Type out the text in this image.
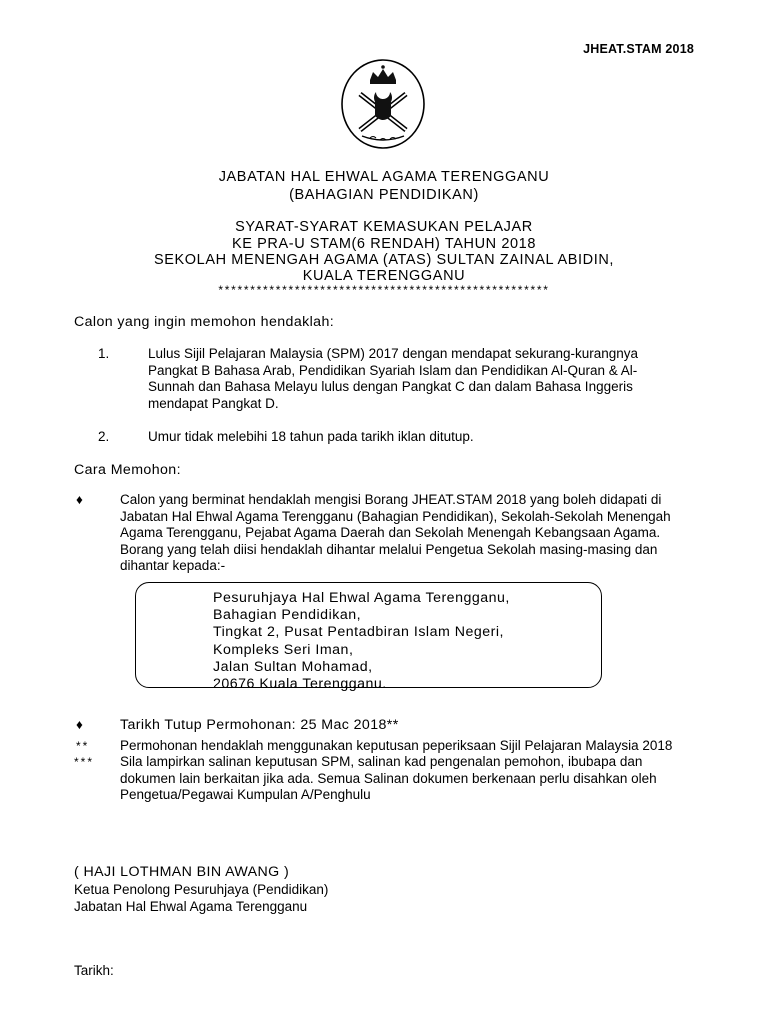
JHEAT.STAM 2018
JABATAN HAL EHWAL AGAMA TERENGGANU
(BAHAGIAN PENDIDIKAN)
SYARAT-SYARAT KEMASUKAN PELAJAR
KE PRA-U STAM(6 RENDAH) TAHUN 2018
SEKOLAH MENENGAH AGAMA (ATAS) SULTAN ZAINAL ABIDIN,
KUALA TERENGGANU
****************************************************
Calon yang ingin memohon hendaklah:
1.	Lulus Sijil Pelajaran Malaysia (SPM) 2017 dengan mendapat sekurang-kurangnya
Pangkat B Bahasa Arab, Pendidikan Syariah Islam dan Pendidikan Al-Quran & Al-
Sunnah dan Bahasa Melayu lulus dengan Pangkat C dan dalam Bahasa Inggeris
mendapat Pangkat D.
2.	Umur tidak melebihi 18 tahun pada tarikh iklan ditutup.
Cara Memohon:
♦	Calon yang berminat hendaklah mengisi Borang JHEAT.STAM 2018 yang boleh didapati di
Jabatan Hal Ehwal Agama Terengganu (Bahagian Pendidikan), Sekolah-Sekolah Menengah
Agama Terengganu, Pejabat Agama Daerah dan Sekolah Menengah Kebangsaan Agama.
Borang yang telah diisi hendaklah dihantar melalui Pengetua Sekolah masing-masing dan
dihantar kepada:-
Pesuruhjaya Hal Ehwal Agama Terengganu,
Bahagian Pendidikan,
Tingkat 2, Pusat Pentadbiran Islam Negeri,
Kompleks Seri Iman,
Jalan Sultan Mohamad,
20676 Kuala Terengganu.
♦	Tarikh Tutup Permohonan: 25 Mac 2018**
** Permohonan hendaklah menggunakan keputusan peperiksaan Sijil Pelajaran Malaysia 2018
*** Sila lampirkan salinan keputusan SPM, salinan kad pengenalan pemohon, ibubapa dan
dokumen lain berkaitan jika ada. Semua Salinan dokumen berkenaan perlu disahkan oleh
Pengetua/Pegawai Kumpulan A/Penghulu
( HAJI LOTHMAN BIN AWANG )
Ketua Penolong Pesuruhjaya (Pendidikan)
Jabatan Hal Ehwal Agama Terengganu
Tarikh:
